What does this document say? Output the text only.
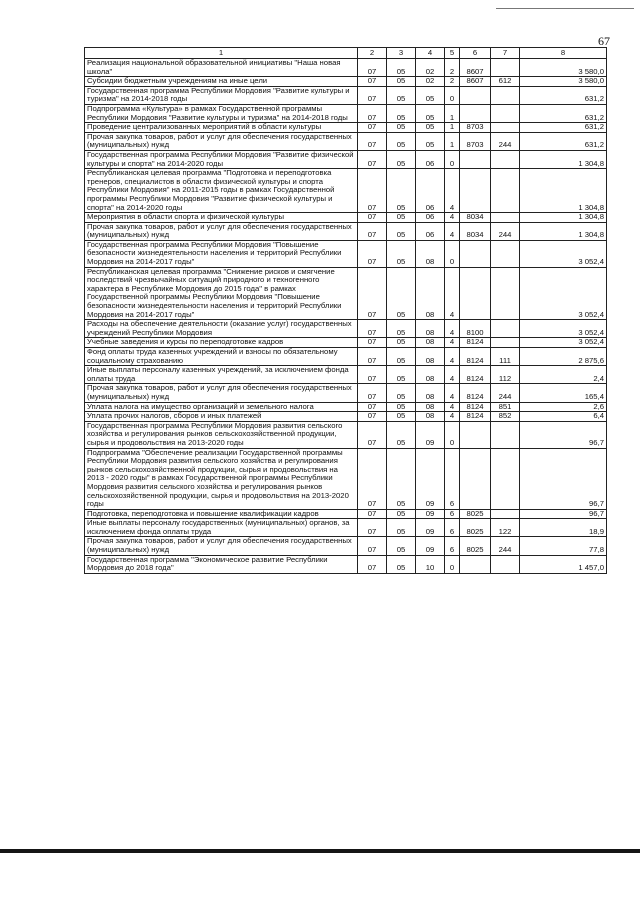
67
1	2	3	4	5	6	7	8
Реализация национальной образовательной инициативы "Наша новая школа"	07	05	02	2	8607		3 580,0
Субсидии бюджетным учреждениям на иные цели	07	05	02	2	8607	612	3 580,0
Государственная программа Республики Мордовия "Развитие культуры и туризма" на 2014-2018 годы	07	05	05	0			631,2
Подпрограмма «Культура» в рамках Государственной программы Республики Мордовия "Развитие культуры и туризма" на 2014-2018 годы	07	05	05	1			631,2
Проведение централизованных мероприятий в области культуры	07	05	05	1	8703		631,2
Прочая закупка товаров, работ и услуг для обеспечения государственных (муниципальных) нужд	07	05	05	1	8703	244	631,2
Государственная программа Республики Мордовия "Развитие физической культуры и спорта" на 2014-2020 годы	07	05	06	0			1 304,8
Республиканская целевая программа "Подготовка и переподготовка тренеров, специалистов в области физической культуры и спорта Республики Мордовия" на 2011-2015 годы в рамках Государственной программы Республики Мордовия "Развитие физической культуры и спорта" на 2014-2020 годы	07	05	06	4			1 304,8
Мероприятия в области спорта и физической культуры	07	05	06	4	8034		1 304,8
Прочая закупка товаров, работ и услуг для обеспечения государственных (муниципальных) нужд	07	05	06	4	8034	244	1 304,8
Государственная программа Республики Мордовия "Повышение безопасности жизнедеятельности населения и территорий Республики Мордовия на 2014-2017 годы"	07	05	08	0			3 052,4
Республиканская целевая программа "Снижение рисков и смягчение последствий чрезвычайных ситуаций природного и техногенного характера в Республике Мордовия до 2015 года" в рамках Государственной программы Республики Мордовия "Повышение безопасности жизнедеятельности населения и территорий Республики Мордовия на 2014-2017 годы"	07	05	08	4			3 052,4
Расходы на обеспечение деятельности (оказание услуг) государственных учреждений Республики Мордовия	07	05	08	4	8100		3 052,4
Учебные заведения и курсы по переподготовке кадров	07	05	08	4	8124		3 052,4
Фонд оплаты труда казенных учреждений и взносы по обязательному социальному страхованию	07	05	08	4	8124	111	2 875,6
Иные выплаты персоналу казенных учреждений, за исключением фонда оплаты труда	07	05	08	4	8124	112	2,4
Прочая закупка товаров, работ и услуг для обеспечения государственных (муниципальных) нужд	07	05	08	4	8124	244	165,4
Уплата налога на имущество организаций и земельного налога	07	05	08	4	8124	851	2,6
Уплата прочих налогов, сборов и иных платежей	07	05	08	4	8124	852	6,4
Государственная программа Республики Мордовия развития сельского хозяйства и регулирования рынков сельскохозяйственной продукции, сырья и продовольствия на 2013-2020 годы	07	05	09	0			96,7
Подпрограмма "Обеспечение реализации Государственной программы Республики Мордовия развития сельского хозяйства и регулирования рынков сельскохозяйственной продукции, сырья и продовольствия на 2013 - 2020 годы" в рамках Государственной программы Республики Мордовия развития сельского хозяйства и регулирования рынков сельскохозяйственной продукции, сырья и продовольствия на 2013-2020 годы	07	05	09	6			96,7
Подготовка, переподготовка и повышение квалификации кадров	07	05	09	6	8025		96,7
Иные выплаты персоналу государственных (муниципальных) органов, за исключением фонда оплаты труда	07	05	09	6	8025	122	18,9
Прочая закупка товаров, работ и услуг для обеспечения государственных (муниципальных) нужд	07	05	09	6	8025	244	77,8
Государственная программа "Экономическое развитие Республики Мордовия до 2018 года"	07	05	10	0			1 457,0
